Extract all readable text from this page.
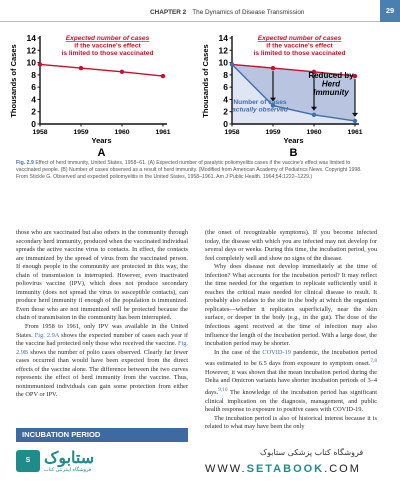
CHAPTER 2 The Dynamics of Disease Transmission	29
0
2
4
6
8
10
12
14
1958	1959	1960	1961
Years
Thousands of Cases
A
Expected number of cases
if the vaccine's effect
is limited to those vaccinated
0
2
4
6
8
10
12
14
1958	1959	1960	1961
Years
Thousands of Cases
B
Expected number of cases
if the vaccine's effect
is limited to those vaccinated
Reduced by
Herd
Immunity
Number of cases
actually observed
Fig. 2.9 Effect of herd immunity, United States, 1958–61. (A) Expected number of paralytic poliomyelitis cases if the vaccine's effect was limited to vaccinated people. (B) Number of cases observed as a result of herd immunity. (Modified from American Academy of Pediatrics News. Copyright 1998. From Stickle G. Observed and expected poliomyelitis in the United States, 1958–1961. Am J Public Health. 1964;54:1222–1229.)

those who are vaccinated but also others in the community through secondary herd immunity, produced when the vaccinated individual spreads the active vaccine virus to contacts. In effect, the contacts are immunized by the spread of virus from the vaccinated person. If enough people in the community are protected in this way, the chain of transmission is interrupted. However, even inactivated poliovirus vaccine (IPV), which does not produce secondary immunity (does not spread the virus to susceptible contacts), can produce herd immunity if enough of the population is immunized. Even those who are not immunized will be protected because the chain of transmission in the community has been interrupted.

From 1958 to 1961, only IPV was available in the United States. Fig. 2.9A shows the expected number of cases each year if the vaccine had protected only those who received the vaccine. Fig. 2.9B shows the number of polio cases observed. Clearly far fewer cases occurred than would have been expected from the direct effects of the vaccine alone. The difference between the two curves represents the effect of herd immunity from the vaccine. Thus, nonimmunized individuals can gain some protection from either the OPV or IPV.

INCUBATION PERIOD

(the onset of recognizable symptoms). If you become infected today, the disease with which you are infected may not develop for several days or weeks. During this time, the incubation period, you feel completely well and show no signs of the disease.

Why does disease not develop immediately at the time of infection? What accounts for the incubation period? It may reflect the time needed for the organism to replicate sufficiently until it reaches the critical mass needed for clinical disease to result. It probably also relates to the site in the body at which the organism replicates—whether it replicates superficially, near the skin surface, or deeper in the body (e.g., in the gut). The dose of the infectious agent received at the time of infection may also influence the length of the incubation period. With a large dose, the incubation period may be shorter.

In the case of the COVID-19 pandemic, the incubation period was estimated to be 6.5 days from exposure to symptom onset.$^{7,8}$ However, it was shown that the mean incubation period during the Delta and Omicron variants have shorter incubation periods of 3–4 days.$^{9,10}$ The knowledge of the incubation period has significant clinical implication on the diagnosis, management, and public health response to exposure to positive cases with COVID-19.

The incubation period is also of historical interest because it is related to what may have been the only

S ستابوک
فروشگاه اینترنتی کتاب
فروشگاه کتاب پزشکی ستابوک
WWW.SETABOOK.COM
